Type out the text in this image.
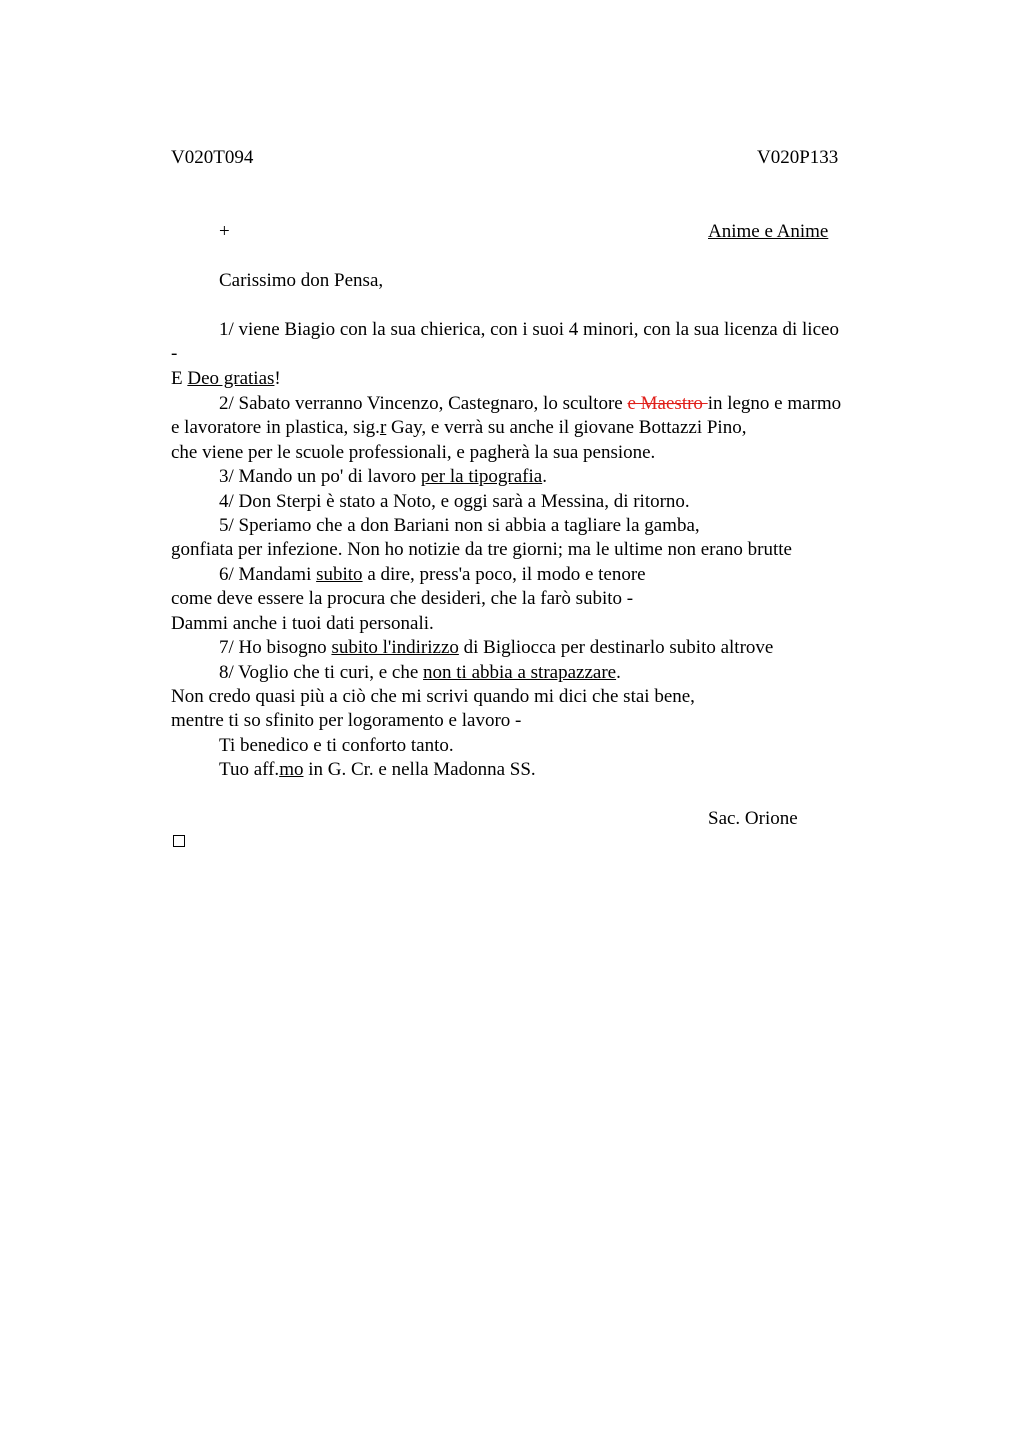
V020T094	V020P133
+	Anime e Anime
Carissimo don Pensa,
1/ viene Biagio con la sua chierica, con i suoi 4 minori, con la sua licenza di liceo
-
E Deo gratias!
2/ Sabato verranno Vincenzo, Castegnaro, lo scultore e Maestro in legno e marmo
e lavoratore in plastica, sig.r Gay, e verrà su anche il giovane Bottazzi Pino,
che viene per le scuole professionali, e pagherà la sua pensione.
3/ Mando un po' di lavoro per la tipografia.
4/ Don Sterpi è stato a Noto, e oggi sarà a Messina, di ritorno.
5/ Speriamo che a don Bariani non si abbia a tagliare la gamba,
gonfiata per infezione. Non ho notizie da tre giorni; ma le ultime non erano brutte
6/ Mandami subito a dire, press'a poco, il modo e tenore
come deve essere la procura che desideri, che la farò subito -
Dammi anche i tuoi dati personali.
7/ Ho bisogno subito l'indirizzo di Bigliocca per destinarlo subito altrove
8/ Voglio che ti curi, e che non ti abbia a strapazzare.
Non credo quasi più a ciò che mi scrivi quando mi dici che stai bene,
mentre ti so sfinito per logoramento e lavoro -
Ti benedico e ti conforto tanto.
Tuo aff.mo in G. Cr. e nella Madonna SS.
Sac. Orione
